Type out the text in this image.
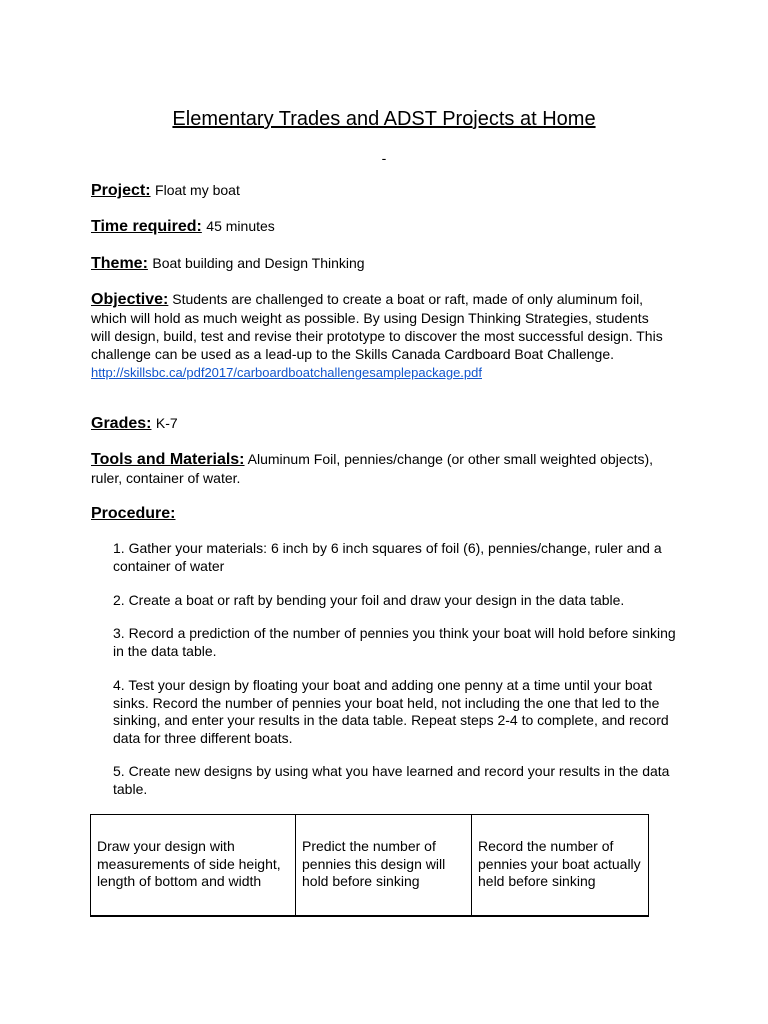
Elementary Trades and ADST Projects at Home
-
Project: Float my boat
Time required: 45 minutes
Theme: Boat building and Design Thinking
Objective: Students are challenged to create a boat or raft, made of only aluminum foil, which will hold as much weight as possible. By using Design Thinking Strategies, students will design, build, test and revise their prototype to discover the most successful design. This challenge can be used as a lead-up to the Skills Canada Cardboard Boat Challenge.
http://skillsbc.ca/pdf2017/carboardboatchallengesamplepackage.pdf
Grades: K-7
Tools and Materials: Aluminum Foil, pennies/change (or other small weighted objects), ruler, container of water.
Procedure:
1. Gather your materials: 6 inch by 6 inch squares of foil (6), pennies/change, ruler and a container of water
2. Create a boat or raft by bending your foil and draw your design in the data table.
3. Record a prediction of the number of pennies you think your boat will hold before sinking in the data table.
4. Test your design by floating your boat and adding one penny at a time until your boat sinks. Record the number of pennies your boat held, not including the one that led to the sinking, and enter your results in the data table. Repeat steps 2-4 to complete, and record data for three different boats.
5. Create new designs by using what you have learned and record your results in the data table.
Draw your design with measurements of side height, length of bottom and width	Predict the number of pennies this design will hold before sinking	Record the number of pennies your boat actually held before sinking
